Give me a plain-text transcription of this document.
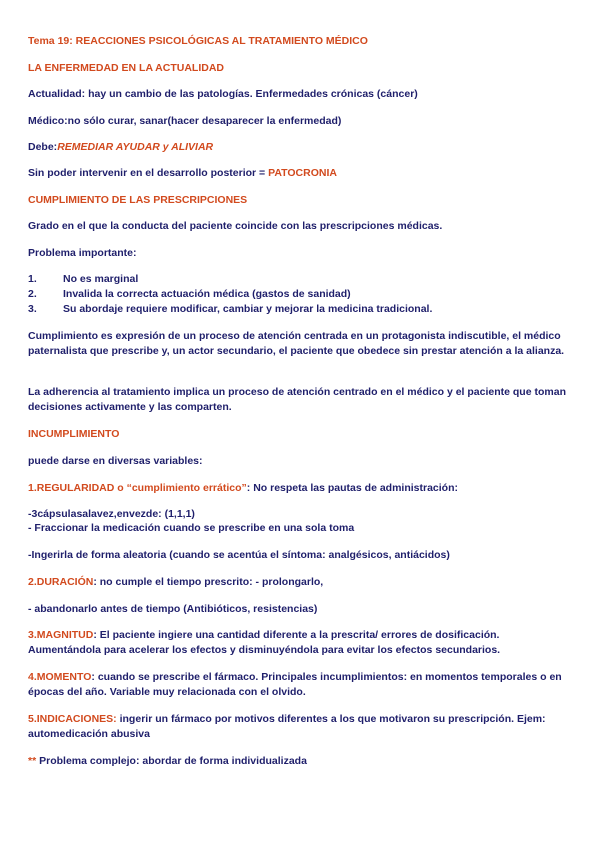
Tema 19: REACCIONES PSICOLÓGICAS AL TRATAMIENTO MÉDICO
LA ENFERMEDAD EN LA ACTUALIDAD
Actualidad: hay un cambio de las patologías. Enfermedades crónicas (cáncer)
Médico:no sólo curar, sanar(hacer desaparecer la enfermedad)
Debe:REMEDIAR AYUDAR y ALIVIAR
Sin poder intervenir en el desarrollo posterior = PATOCRONIA
CUMPLIMIENTO DE LAS PRESCRIPCIONES
Grado en el que la conducta del paciente coincide con las prescripciones médicas.
Problema importante:
1. No es marginal
2. Invalida la correcta actuación médica (gastos de sanidad)
3. Su abordaje requiere modificar, cambiar y mejorar la medicina tradicional.
Cumplimiento es expresión de un proceso de atención centrada en un protagonista indiscutible, el médico paternalista que prescribe y, un actor secundario, el paciente que obedece sin prestar atención a la alianza.
La adherencia al tratamiento implica un proceso de atención centrado en el médico y el paciente que toman decisiones activamente y las comparten.
INCUMPLIMIENTO
puede darse en diversas variables:
1.REGULARIDAD o “cumplimiento errático”: No respeta las pautas de administración:
-3cápsulasalavez,envezde: (1,1,1)
- Fraccionar la medicación cuando se prescribe en una sola toma
-Ingerirla de forma aleatoria (cuando se acentúa el síntoma: analgésicos, antiácidos)
2.DURACIÓN: no cumple el tiempo prescrito: - prolongarlo,
- abandonarlo antes de tiempo (Antibióticos, resistencias)
3.MAGNITUD: El paciente ingiere una cantidad diferente a la prescrita/ errores de dosificación. Aumentándola para acelerar los efectos y disminuyéndola para evitar los efectos secundarios.
4.MOMENTO: cuando se prescribe el fármaco. Principales incumplimientos: en momentos temporales o en épocas del año. Variable muy relacionada con el olvido.
5.INDICACIONES: ingerir un fármaco por motivos diferentes a los que motivaron su prescripción. Ejem: automedicación abusiva
** Problema complejo: abordar de forma individualizada
